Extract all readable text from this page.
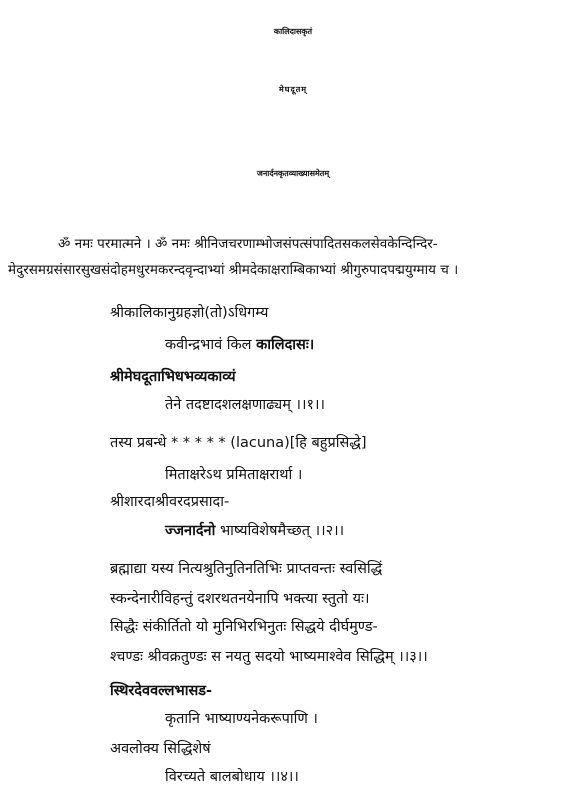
कालिदासकृतं
मेघदूतम्
जनार्दनकृतव्याख्यासमेतम्
ॐ नमः परमात्मने । ॐ नमः श्रीनिजचरणाम्भोजसंपत्संपादितसकलसेवकेन्दिन्दिर-
मेदुरसमग्रसंसारसुखसंदोहमधुरमकरन्दवृन्दाभ्यां श्रीमदेकाक्षराम्बिकाभ्यां श्रीगुरुपादपद्मयुग्माय च ।
श्रीकालिकानुग्रहज्ञो(तो)ऽधिगम्य
कवीन्द्रभावं किल कालिदासः।
श्रीमेघदूताभिधभव्यकाव्यं
तेने तदष्टादशलक्षणाढ्यम् ।।१।।
तस्य प्रबन्धे * * * * * (lacuna)[हि बहुप्रसिद्धे]
मिताक्षरेऽथ प्रमिताक्षरार्था ।
श्रीशारदाश्रीवरदप्रसादा-
ज्जनार्दनो भाष्यविशेषमैच्छत् ।।२।।
ब्रह्माद्या यस्य नित्यश्रुतिनुतिनतिभिः प्राप्तवन्तः स्वसिद्धिं
स्कन्देनारीविहन्तुं दशरथतनयेनापि भक्त्या स्तुतो यः।
सिद्धैः संकीर्तितो यो मुनिभिरभिनुतः सिद्धये दीर्घमुण्ड-
श्चण्डः श्रीवक्रतुण्डः स नयतु सदयो भाष्यमाश्वेव सिद्धिम् ।।३।।
स्थिरदेववल्लभासड-
कृतानि भाष्याण्यनेकरूपाणि ।
अवलोक्य सिद्धिशेषं
विरच्यते बालबोधाय ।।४।।
